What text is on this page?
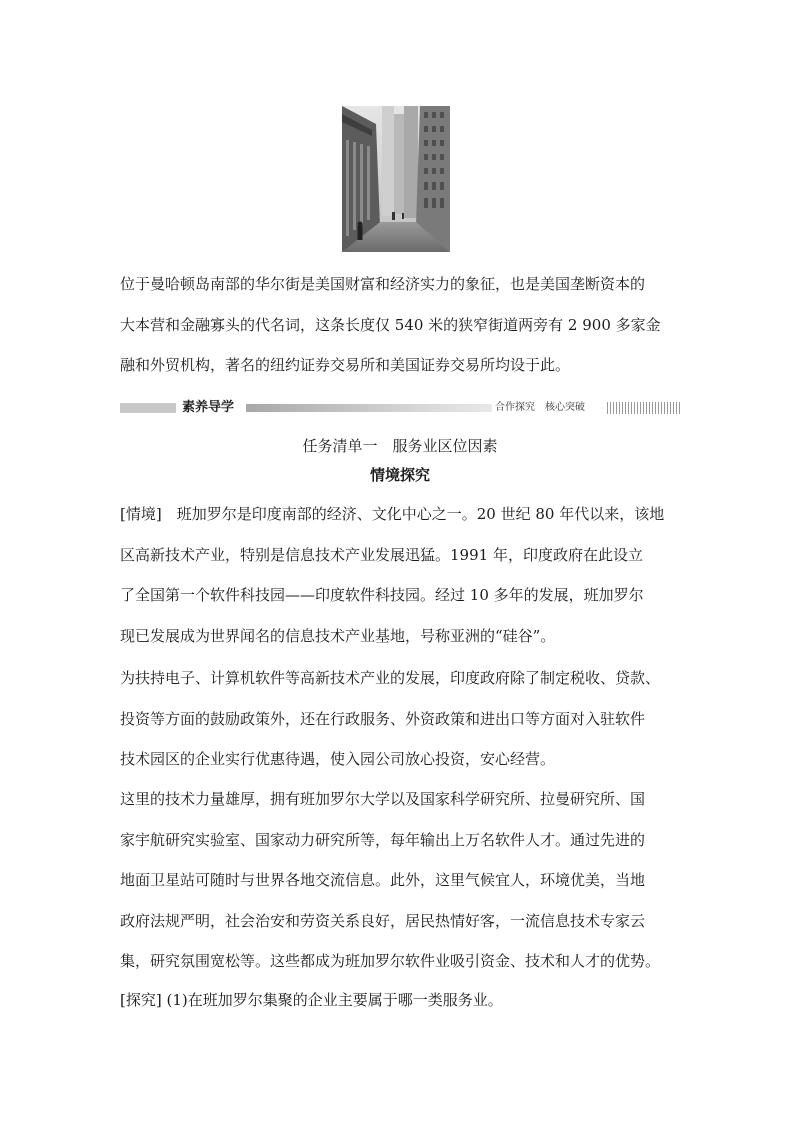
位于曼哈顿岛南部的华尔街是美国财富和经济实力的象征，也是美国垄断资本的
大本营和金融寡头的代名词，这条长度仅 540 米的狭窄街道两旁有 2 900 多家金
融和外贸机构，著名的纽约证券交易所和美国证券交易所均设于此。

素养导学	合作探究　核心突破

任务清单一　服务业区位因素

情境探究

[情境]　 班加罗尔是印度南部的经济、文化中心之一。20 世纪 80 年代以来，该地
区高新技术产业，特别是信息技术产业发展迅猛。1991 年，印度政府在此设立
了全国第一个软件科技园——印度软件科技园。经过 10 多年的发展，班加罗尔
现已发展成为世界闻名的信息技术产业基地，号称亚洲的“硅谷”。

为扶持电子、计算机软件等高新技术产业的发展，印度政府除了制定税收、贷款、
投资等方面的鼓励政策外，还在行政服务、外资政策和进出口等方面对入驻软件
技术园区的企业实行优惠待遇，使入园公司放心投资，安心经营。

这里的技术力量雄厚，拥有班加罗尔大学以及国家科学研究所、拉曼研究所、国
家宇航研究实验室、国家动力研究所等，每年输出上万名软件人才。通过先进的
地面卫星站可随时与世界各地交流信息。此外，这里气候宜人，环境优美，当地
政府法规严明，社会治安和劳资关系良好，居民热情好客，一流信息技术专家云
集，研究氛围宽松等。这些都成为班加罗尔软件业吸引资金、技术和人才的优势。

[探究] (1)在班加罗尔集聚的企业主要属于哪一类服务业。
